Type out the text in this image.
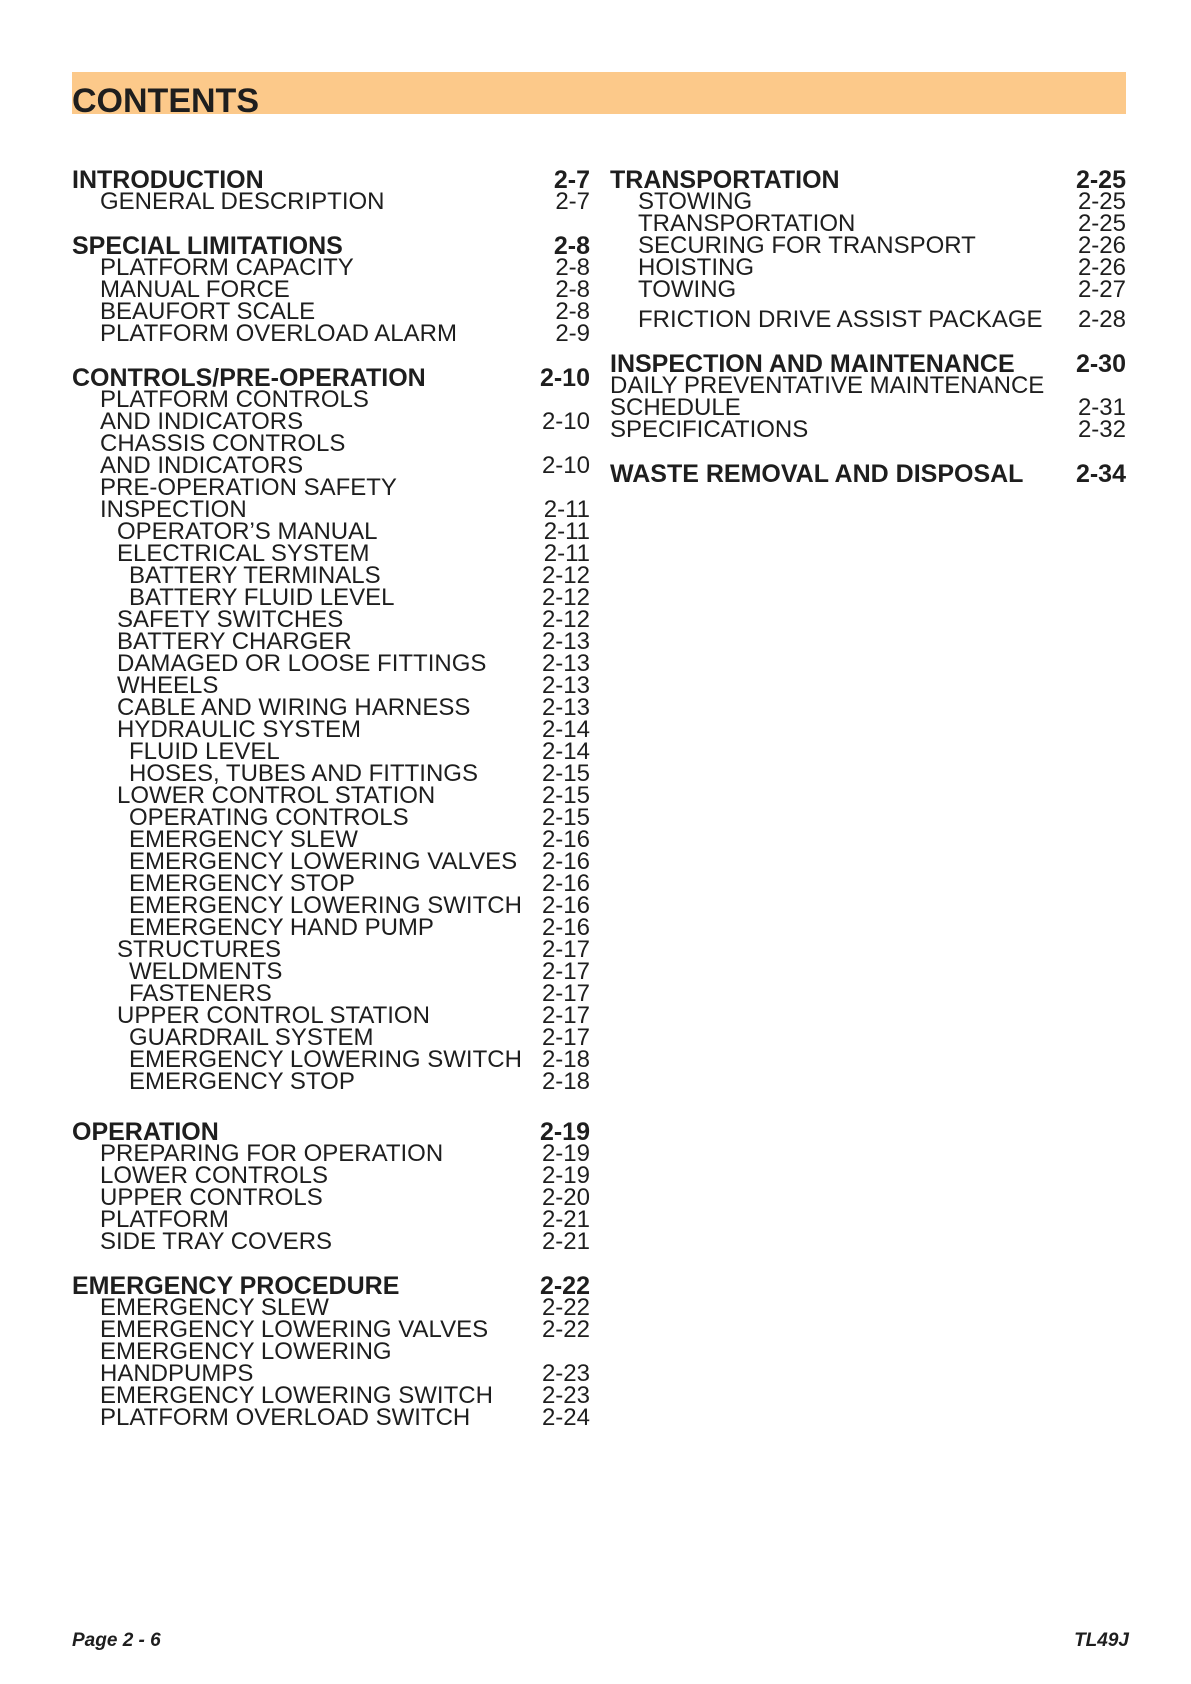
CONTENTS
INTRODUCTION	2-7
GENERAL DESCRIPTION	2-7
SPECIAL LIMITATIONS	2-8
PLATFORM CAPACITY	2-8
MANUAL FORCE	2-8
BEAUFORT SCALE	2-8
PLATFORM OVERLOAD ALARM	2-9
CONTROLS/PRE-OPERATION	2-10
PLATFORM CONTROLS
AND INDICATORS	2-10
CHASSIS CONTROLS
AND INDICATORS	2-10
PRE-OPERATION SAFETY
INSPECTION	2-11
OPERATOR’S MANUAL	2-11
ELECTRICAL SYSTEM	2-11
BATTERY TERMINALS	2-12
BATTERY FLUID LEVEL	2-12
SAFETY SWITCHES	2-12
BATTERY CHARGER	2-13
DAMAGED OR LOOSE FITTINGS 2-13
WHEELS	2-13
CABLE AND WIRING HARNESS	2-13
HYDRAULIC SYSTEM	2-14
FLUID LEVEL	2-14
HOSES, TUBES AND FITTINGS	2-15
LOWER CONTROL STATION	2-15
OPERATING CONTROLS	2-15
EMERGENCY SLEW	2-16
EMERGENCY LOWERING VALVES 2-16
EMERGENCY STOP	2-16
EMERGENCY LOWERING SWITCH 2-16
EMERGENCY HAND PUMP	2-16
STRUCTURES	2-17
WELDMENTS	2-17
FASTENERS	2-17
UPPER CONTROL STATION	2-17
GUARDRAIL SYSTEM	2-17
EMERGENCY LOWERING SWITCH 2-18
EMERGENCY STOP	2-18
OPERATION	2-19
PREPARING FOR OPERATION	2-19
LOWER CONTROLS	2-19
UPPER CONTROLS	2-20
PLATFORM	2-21
SIDE TRAY COVERS	2-21
EMERGENCY PROCEDURE	2-22
EMERGENCY SLEW	2-22
EMERGENCY LOWERING VALVES 2-22
EMERGENCY LOWERING
HANDPUMPS	2-23
EMERGENCY LOWERING SWITCH 2-23
PLATFORM OVERLOAD SWITCH	2-24
TRANSPORTATION	2-25
STOWING	2-25
TRANSPORTATION	2-25
SECURING FOR TRANSPORT	2-26
HOISTING	2-26
TOWING	2-27
FRICTION DRIVE ASSIST PACKAGE 2-28
INSPECTION AND MAINTENANCE 2-30
DAILY PREVENTATIVE MAINTENANCE
SCHEDULE	2-31
SPECIFICATIONS	2-32
WASTE REMOVAL AND DISPOSAL 2-34
Page 2 - 6	TL49J
